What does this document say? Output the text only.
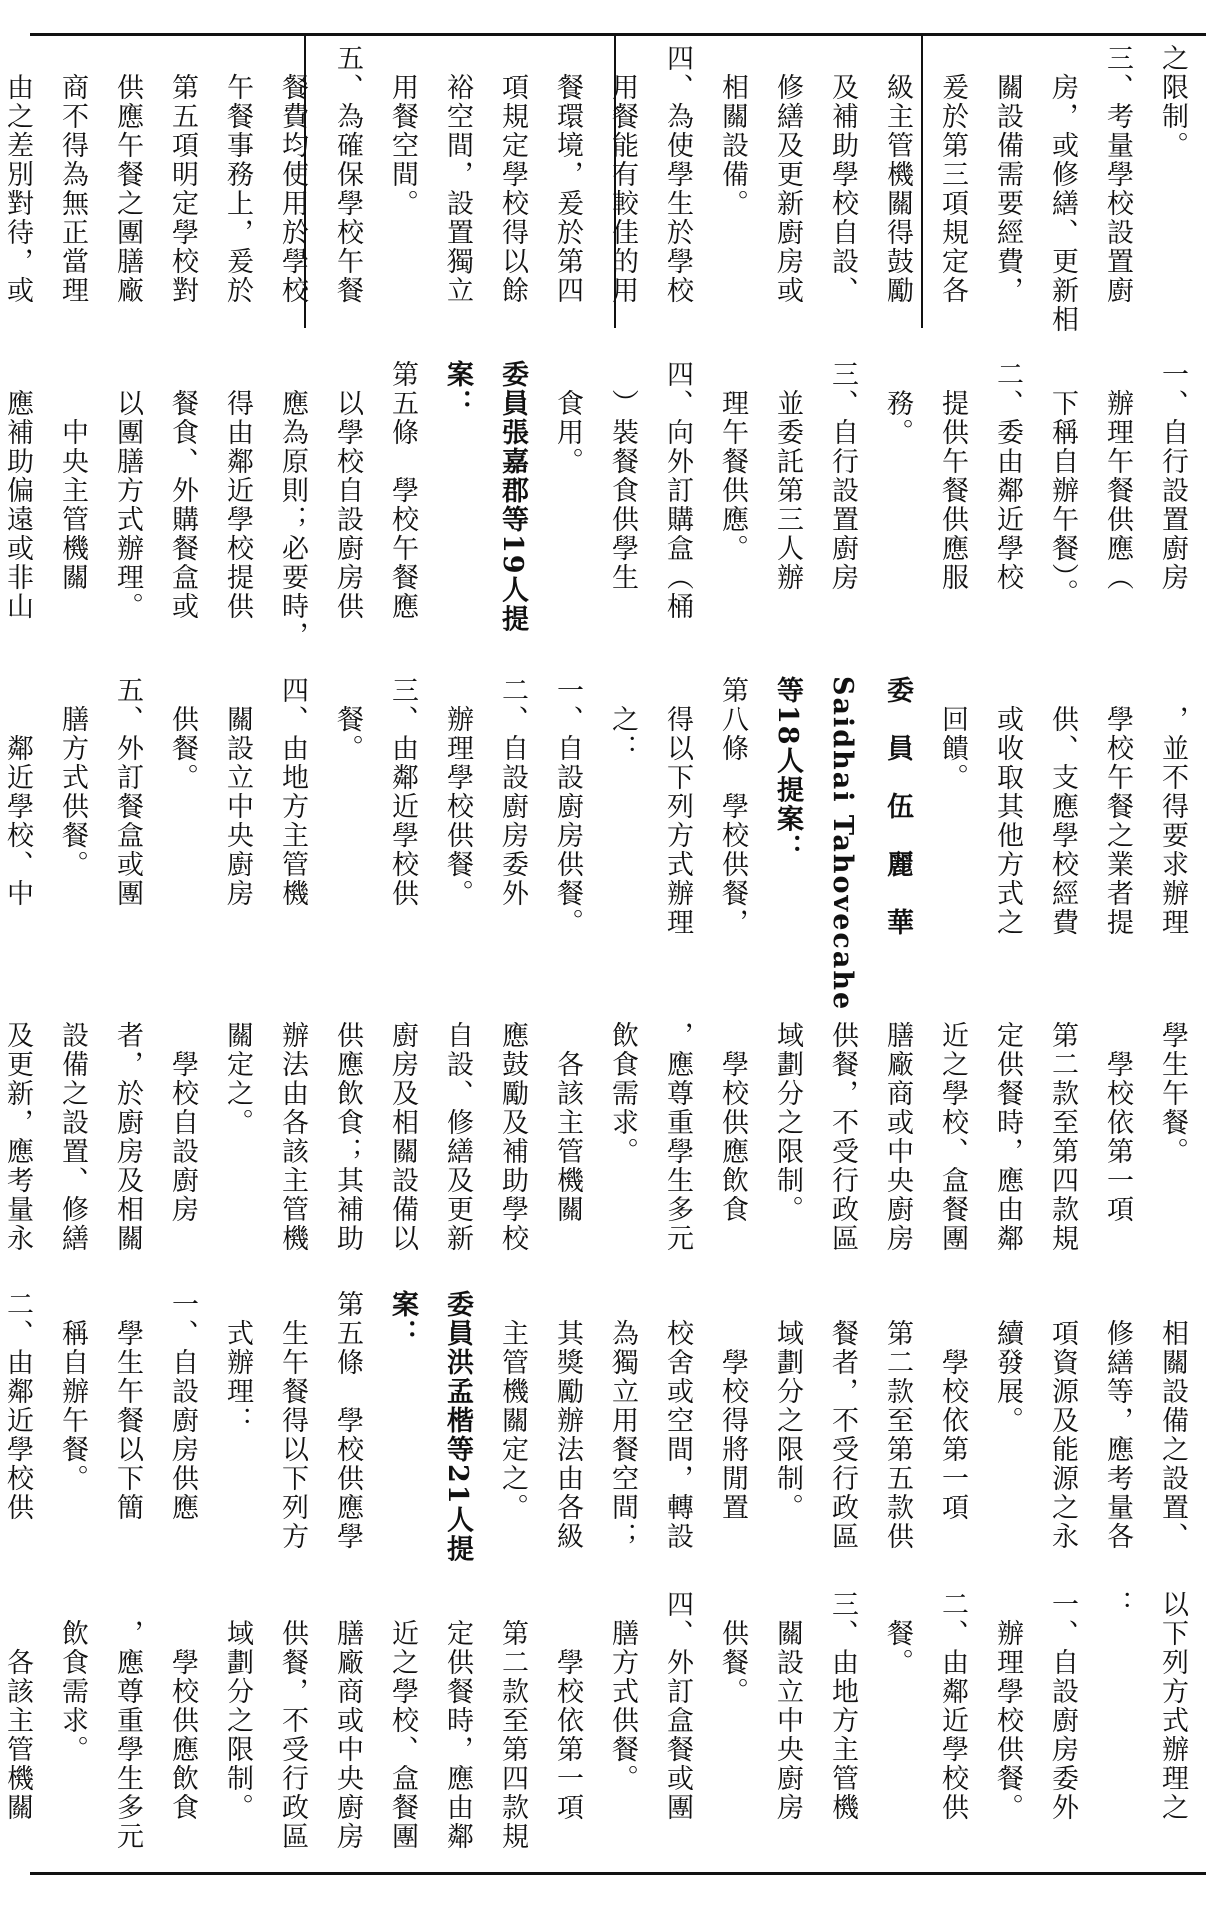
之限制。
三、考量學校設置廚
　房，或修繕、更新相
　關設備需要經費，
　爰於第三項規定各
　級主管機關得鼓勵
　及補助學校自設、
　修繕及更新廚房或
　相關設備。
四、為使學生於學校
　用餐能有較佳的用
　餐環境，爰於第四
　項規定學校得以餘
　裕空間，設置獨立
　用餐空間。
五、為確保學校午餐
　餐費均使用於學校
　午餐事務上，爰於
　第五項明定學校對
　供應午餐之團膳廠
　商不得為無正當理
　由之差別對待，或
一、自行設置廚房
　辦理午餐供應（
　下稱自辦午餐）。
二、委由鄰近學校
　提供午餐供應服
　務。
三、自行設置廚房
　並委託第三人辦
　理午餐供應。
四、向外訂購盒（桶
　）裝餐食供學生
　食用。
委員張嘉郡等19人提
案：
第五條　學校午餐應
　以學校自設廚房供
　應為原則；必要時，
　得由鄰近學校提供
　餐食、外購餐盒或
　以團膳方式辦理。
　　中央主管機關
　應補助偏遠或非山
　，並不得要求辦理
　學校午餐之業者提
　供、支應學校經費
　或收取其他方式之
　回饋。
委　員　伍　麗　華
Saidhai Tahovecahe
等18人提案：
第八條　學校供餐，
　得以下列方式辦理
　之：
一、自設廚房供餐。
二、自設廚房委外
　辦理學校供餐。
三、由鄰近學校供
　餐。
四、由地方主管機
　關設立中央廚房
　供餐。
五、外訂餐盒或團
　膳方式供餐。
　　鄰近學校、中
　學生午餐。
　　學校依第一項
　第二款至第四款規
　定供餐時，應由鄰
　近之學校、盒餐團
　膳廠商或中央廚房
　供餐，不受行政區
　域劃分之限制。
　　學校供應飲食
　，應尊重學生多元
　飲食需求。
　　各該主管機關
　應鼓勵及補助學校
　自設、修繕及更新
　廚房及相關設備以
　供應飲食；其補助
　辦法由各該主管機
　關定之。
　　學校自設廚房
　者，於廚房及相關
　設備之設置、修繕
　及更新，應考量永
　相關設備之設置、
　修繕等，應考量各
　項資源及能源之永
　續發展。
　　學校依第一項
　第二款至第五款供
　餐者，不受行政區
　域劃分之限制。
　　學校得將閒置
　校舍或空間，轉設
　為獨立用餐空間；
　其獎勵辦法由各級
　主管機關定之。
委員洪孟楷等21人提
案：
第五條　學校供應學
　生午餐得以下列方
　式辦理：
一、自設廚房供應
　學生午餐以下簡
　稱自辦午餐。
二、由鄰近學校供
以下列方式辦理之
：
一、自設廚房委外
　辦理學校供餐。
二、由鄰近學校供
　餐。
三、由地方主管機
　關設立中央廚房
　供餐。
四、外訂盒餐或團
　膳方式供餐。
　　學校依第一項
　第二款至第四款規
　定供餐時，應由鄰
　近之學校、盒餐團
　膳廠商或中央廚房
　供餐，不受行政區
　域劃分之限制。
　　學校供應飲食
　，應尊重學生多元
　飲食需求。
　　各該主管機關
